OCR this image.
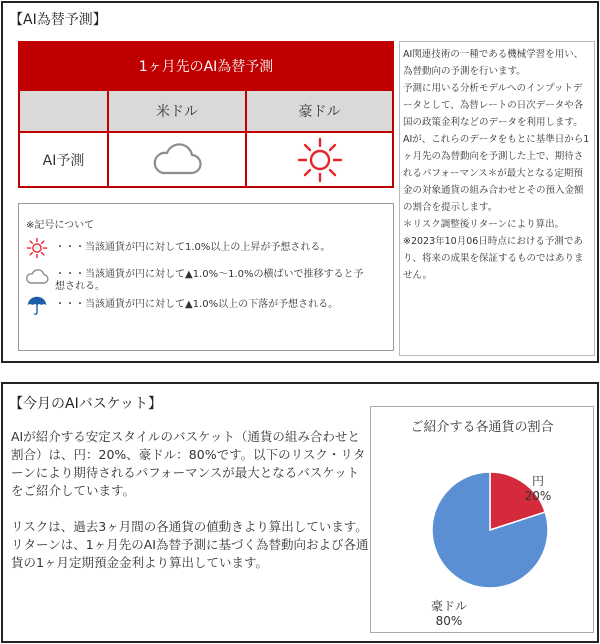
【AI為替予測】
1ヶ月先のAI為替予測
米ドル	豪ドル
AI予測
※記号について
・・・当該通貨が円に対して1.0%以上の上昇が予想される。
・・・当該通貨が円に対して▲1.0%～1.0%の横ばいで推移すると予想される。
・・・当該通貨が円に対して▲1.0%以上の下落が予想される。

AI関連技術の一種である機械学習を用い、為替動向の予測を行います。

予測に用いる分析モデルへのインプットデータとして、為替レートの日次データや各国の政策金利などのデータを利用します。

AIが、これらのデータをもとに基準日から1ヶ月先の為替動向を予測した上で、期待されるパフォーマンス＊が最大となる定期預金の対象通貨の組み合わせとその預入金額の割合を提示します。

＊リスク調整後リターンにより算出。

※2023年10月06日時点における予測であり、将来の成果を保証するものではありません。

【今月のAIバスケット】

AIが紹介する安定スタイルのバスケット（通貨の組み合わせと割合）は、円：20%、豪ドル：80%です。以下のリスク・リターンにより期待されるパフォーマンスが最大となるバスケットをご紹介しています。

リスクは、過去3ヶ月間の各通貨の値動きより算出しています。リターンは、1ヶ月先のAI為替予測に基づく為替動向および各通貨の1ヶ月定期預金金利より算出しています。

ご紹介する各通貨の割合
円
20%
豪ドル
80%
